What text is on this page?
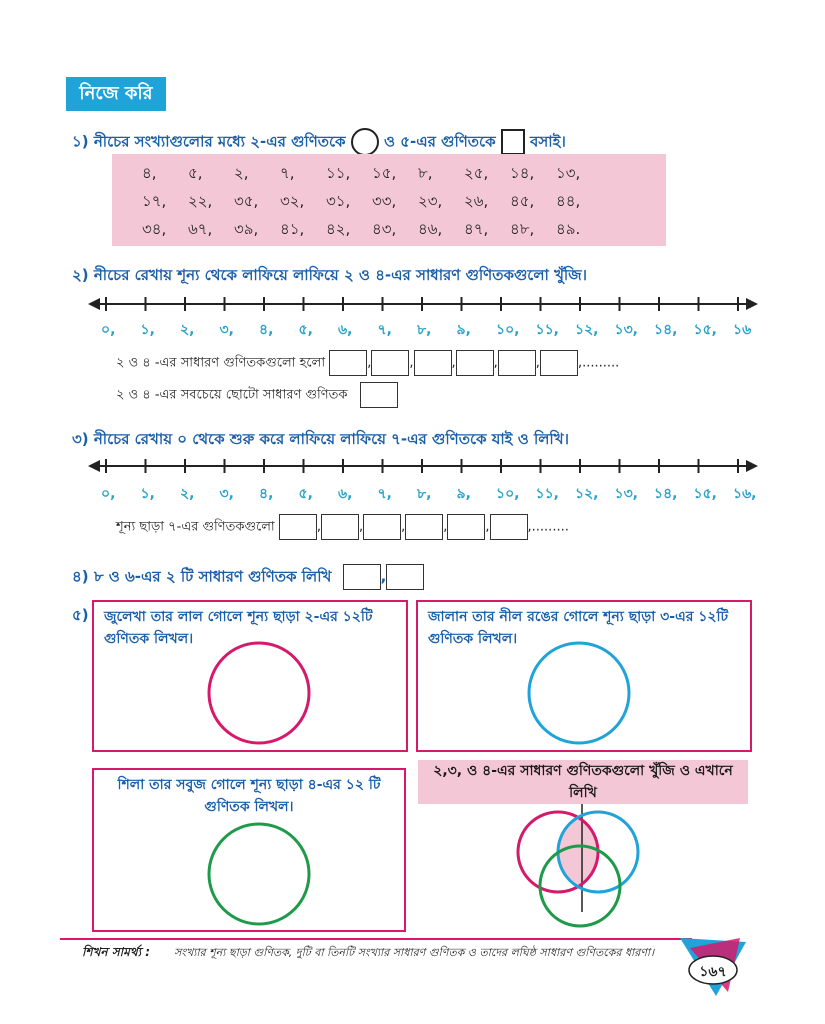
নিজে করি
১) নীচের সংখ্যাগুলোর মধ্যে ২-এর গুণিতকে	ও ৫-এর গুণিতকে বসাই।
৪, ৫, ২, ৭, ১১, ১৫, ৮, ২৫, ১৪, ১৩,
১৭, ২২, ৩৫, ৩২, ৩১, ৩৩, ২৩, ২৬, ৪৫, ৪৪,
৩৪, ৬৭, ৩৯, ৪১, ৪২, ৪৩, ৪৬, ৪৭, ৪৮, ৪৯.
২) নীচের রেখায় শূন্য থেকে লাফিয়ে লাফিয়ে ২ ও ৪-এর সাধারণ গুণিতকগুলো খুঁজি।
০, ১, ২, ৩, ৪, ৫, ৬, ৭, ৮, ৯, ১০, ১১, ১২, ১৩, ১৪, ১৫, ১৬
২ ও ৪ -এর সাধারণ গুণিতকগুলো হলো	,	,	,	,	,	,.........
২ ও ৪ -এর সবচেয়ে ছোটো সাধারণ গুণিতক
৩) নীচের রেখায় ০ থেকে শুরু করে লাফিয়ে লাফিয়ে ৭-এর গুণিতকে যাই ও লিখি।
০, ১, ২, ৩, ৪, ৫, ৬, ৭, ৮, ৯, ১০, ১১, ১২, ১৩, ১৪, ১৫, ১৬,
শূন্য ছাড়া ৭-এর গুণিতকগুলো	,	,	,	,	,	,.........
৪) ৮ ও ৬-এর ২ টি সাধারণ গুণিতক লিখি	,
৫) জুলেখা তার লাল গোলে শূন্য ছাড়া ২-এর ১২টি গুণিতক লিখল।
জালান তার নীল রঙের গোলে শূন্য ছাড়া ৩-এর ১২টি গুণিতক লিখল।
শিলা তার সবুজ গোলে শূন্য ছাড়া ৪-এর ১২ টি গুণিতক লিখল।
২,৩, ও ৪-এর সাধারণ গুণিতকগুলো খুঁজি ও এখানে লিখি
শিখন সামর্থ্য : সংখ্যার শূন্য ছাড়া গুণিতক, দুটি বা তিনটি সংখ্যার সাধারণ গুণিতক ও তাদের লঘিষ্ঠ সাধারণ গুণিতকের ধারণা।
১৬৭
